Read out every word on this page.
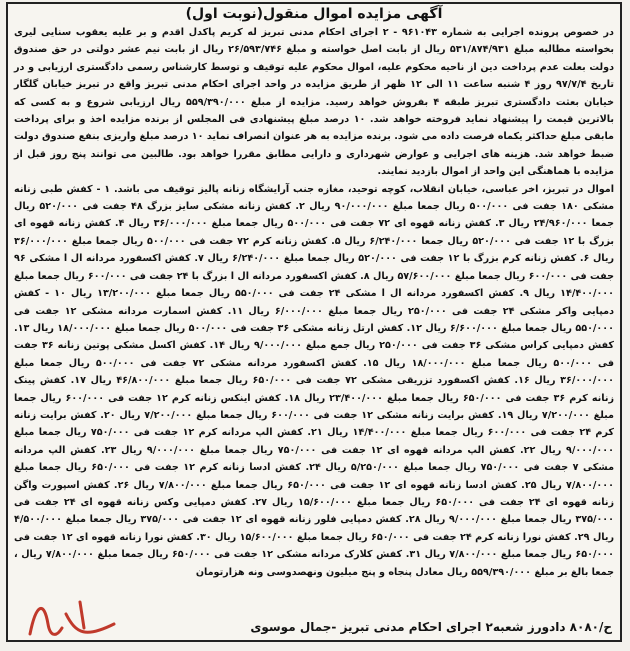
آگهی مزایده اموال منقول(نوبت اول)

در خصوص پرونده اجرایی به شماره ۹۶۱۰۴۳ - ۲ اجرای احکام مدنی تبریز له کریم پاکدل اقدم و بر علیه یعقوب سنایی لیری بخواسته مطالبه مبلغ ۵۳۱/۸۷۴/۹۳۱ ریال از بابت اصل خواسته و مبلغ ۲۶/۵۹۳/۷۴۶ ریال از بابت نیم عشر دولتی در حق صندوق دولت بعلت عدم پرداخت دین از ناحیه محکوم علیه، اموال محکوم علیه توقیف و توسط کارشناس رسمی دادگستری ارزیابی و در تاریخ ۹۷/۷/۴ روز ۴ شنبه ساعت ۱۱ الی ۱۲ ظهر از طریق مزایده در واحد اجرای احکام مدنی تبریز واقع در تبریز خیابان گلگار خیابان بعثت دادگستری تبریز طبقه ۴ بفروش خواهد رسید. مزایده از مبلغ ۵۵۹/۳۹۰/۰۰۰ ریال ارزیابی شروع و به کسی که بالاترین قیمت را پیشنهاد نماید فروخته خواهد شد. ۱۰ درصد مبلغ پیشنهادی فی المجلس از برنده مزایده اخذ و برای پرداخت مابقی مبلغ حداکثر یکماه فرصت داده می شود. برنده مزایده به هر عنوان انصراف نماید ۱۰ درصد مبلغ واریزی بنفع صندوق دولت ضبط خواهد شد. هزینه های اجرایی و عوارض شهرداری و دارایی مطابق مقررا خواهد بود. طالبین می توانند پنج روز قبل از مزایده با هماهنگی این واحد از اموال بازدید نمایند.

اموال در تبریز، اخر عباسی، خیابان انقلاب، کوچه توحید، مغازه جنب آرایشگاه زنانه پالیز توقیف می باشد. ۱ - کفش طبی زنانه مشکی ۱۸۰ جفت فی ۵۰۰/۰۰۰ ریال جمعا مبلغ ۹۰/۰۰۰/۰۰۰ ریال ۲. کفش زنانه مشکی سایز بزرگ ۴۸ جفت فی ۵۲۰/۰۰۰ ریال جمعا ۲۴/۹۶۰/۰۰۰ ریال ۳. کفش زنانه قهوه ای ۷۲ جفت فی ۵۰۰/۰۰۰ ریال جمعا مبلغ ۳۶/۰۰۰/۰۰۰ ریال ۴. کفش زنانه قهوه ای بزرگ با ۱۲ جفت فی ۵۲۰/۰۰۰ ریال جمعا ۶/۲۴۰/۰۰۰ ریال ۵. کفش زنانه کرم ۷۲ جفت فی ۵۰۰/۰۰۰ ریال جمعا مبلغ ۳۶/۰۰۰/۰۰۰ ریال ۶. کفش زنانه کرم بزرگ با ۱۲ جفت فی ۵۲۰/۰۰۰ ریال جمعا مبلغ ۶/۲۴۰/۰۰۰ ریال ۷. کفش اکسفورد مردانه ال ا مشکی ۹۶ جفت فی ۶۰۰/۰۰۰ ریال جمعا مبلغ ۵۷/۶۰۰/۰۰۰ ریال ۸. کفش اکسفورد مردانه ال ا بزرگ با ۲۴ جفت فی ۶۰۰/۰۰۰ ریال جمعا مبلغ ۱۴/۴۰۰/۰۰۰ ریال ۹. کفش اکسفورد مردانه ال ا مشکی ۲۴ جفت فی ۵۵۰/۰۰۰ ریال جمعا مبلغ ۱۳/۲۰۰/۰۰۰ ریال ۱۰ - کفش دمپایی واکر مشکی ۲۴ جفت فی ۲۵۰/۰۰۰ ریال جمعا مبلغ ۶/۰۰۰/۰۰۰ ریال ۱۱. کفش اسمارت مردانه مشکی ۱۲ جفت فی ۵۵۰/۰۰۰ ریال جمعا مبلغ ۶/۶۰۰/۰۰۰ ریال ۱۲. کفش ارتل زنانه مشکی ۳۶ جفت فی ۵۰۰/۰۰۰ ریال جمعا مبلغ ۱۸/۰۰۰/۰۰۰ ریال ۱۳. کفش دمپایی کراس مشکی ۳۶ جفت فی ۲۵۰/۰۰۰ ریال جمع مبلغ ۹/۰۰۰/۰۰۰ ریال ۱۴. کفش اکسل مشکی پوتین زنانه ۳۶ جفت فی ۵۰۰/۰۰۰ ریال جمعا مبلغ ۱۸/۰۰۰/۰۰۰ ریال ۱۵. کفش اکسفورد مردانه مشکی ۷۲ جفت فی ۵۰۰/۰۰۰ ریال جمعا مبلغ ۳۶/۰۰۰/۰۰۰ ریال ۱۶. کفش اکسفورد تزریقی مشکی ۷۲ جفت فی ۶۵۰/۰۰۰ ریال جمعا مبلغ ۴۶/۸۰۰/۰۰۰ ریال ۱۷. کفش پینک زنانه کرم ۳۶ جفت فی ۶۵۰/۰۰۰ ریال جمعا مبلغ ۲۳/۴۰۰/۰۰۰ ریال ۱۸. کفش اینکس زنانه کرم ۱۲ جفت فی ۶۰۰/۰۰۰ ریال جمعا مبلغ ۷/۲۰۰/۰۰۰ ریال ۱۹. کفش برایت زنانه مشکی ۱۲ جفت فی ۶۰۰/۰۰۰ ریال جمعا مبلغ ۷/۲۰۰/۰۰۰ ریال ۲۰. کفش برایت زنانه کرم ۲۴ جفت فی ۶۰۰/۰۰۰ ریال جمعا مبلغ ۱۴/۴۰۰/۰۰۰ ریال ۲۱. کفش الپ مردانه کرم ۱۲ جفت فی ۷۵۰/۰۰۰ ریال جمعا مبلغ ۹/۰۰۰/۰۰۰ ریال ۲۲. کفش الپ مردانه قهوه ای ۱۲ جفت فی ۷۵۰/۰۰۰ ریال جمعا مبلغ ۹/۰۰۰/۰۰۰ ریال ۲۳. کفش الپ مردانه مشکی ۷ جفت فی ۷۵۰/۰۰۰ ریال جمعا مبلغ ۵/۲۵۰/۰۰۰ ریال ۲۴. کفش ادسا زنانه کرم ۱۲ جفت فی ۶۵۰/۰۰۰ ریال جمعا مبلغ ۷/۸۰۰/۰۰۰ ریال ۲۵. کفش ادسا زنانه قهوه ای ۱۲ جفت فی ۶۵۰/۰۰۰ ریال جمعا مبلغ ۷/۸۰۰/۰۰۰ ریال ۲۶. کفش اسپورت واگن زنانه قهوه ای ۲۴ جفت فی ۶۵۰/۰۰۰ ریال جمعا مبلغ ۱۵/۶۰۰/۰۰۰ ریال ۲۷. کفش دمپایی وکس زنانه قهوه ای ۲۴ جفت فی ۳۷۵/۰۰۰ ریال جمعا مبلغ ۹/۰۰۰/۰۰۰ ریال ۲۸. کفش دمپایی فلور زنانه قهوه ای ۱۲ جفت فی ۳۷۵/۰۰۰ ریال جمعا مبلغ ۴/۵۰۰/۰۰۰ ریال ۲۹. کفش نورا زنانه کرم ۲۴ جفت فی ۶۵۰/۰۰۰ ریال جمعا مبلغ ۱۵/۶۰۰/۰۰۰ ریال ۳۰. کفش نورا زنانه قهوه ای ۱۲ جفت فی ۶۵۰/۰۰۰ ریال جمعا مبلغ ۷/۸۰۰/۰۰۰ ریال ۳۱. کفش کلارک مردانه مشکی ۱۲ جفت فی ۶۵۰/۰۰۰ ریال جمعا مبلغ ۷/۸۰۰/۰۰۰ ریال ، جمعا بالغ بر مبلغ ۵۵۹/۳۹۰/۰۰۰ ریال معادل پنجاه و پنج میلیون ونهصدوسی ونه هزارتومان

ح/۸۰۸۰ دادورز شعبه۲ اجرای احکام مدنی تبریز -جمال موسوی
